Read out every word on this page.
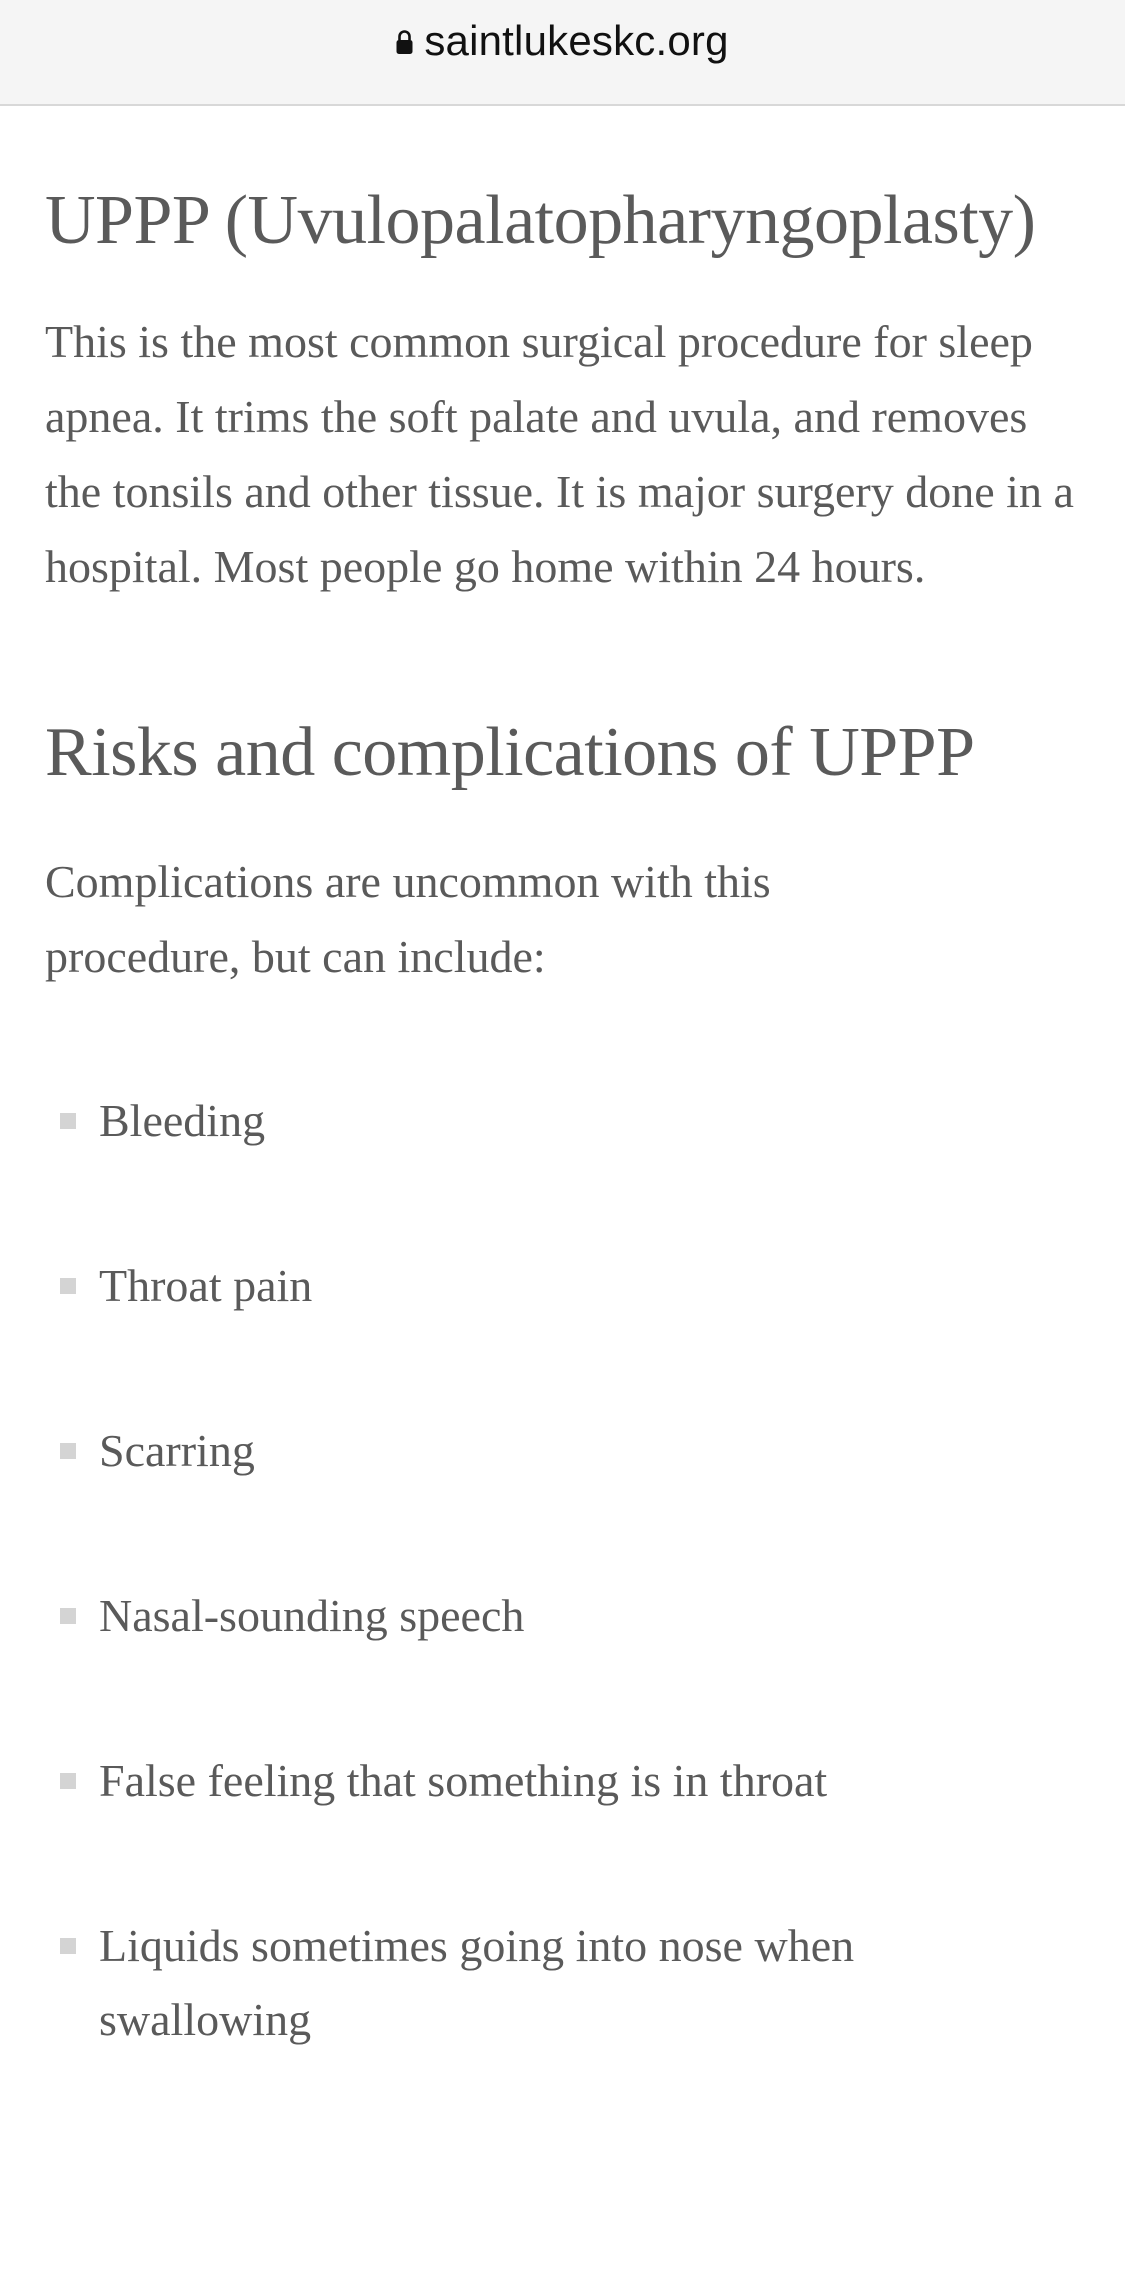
saintlukeskc.org
UPPP (Uvulopalatopharyngoplasty)

This is the most common surgical procedure for sleep apnea. It trims the soft palate and uvula, and removes the tonsils and other tissue. It is major surgery done in a hospital. Most people go home within 24 hours.

Risks and complications of UPPP

Complications are uncommon with this procedure, but can include:

Bleeding
Throat pain
Scarring
Nasal-sounding speech
False feeling that something is in throat
Liquids sometimes going into nose when swallowing
